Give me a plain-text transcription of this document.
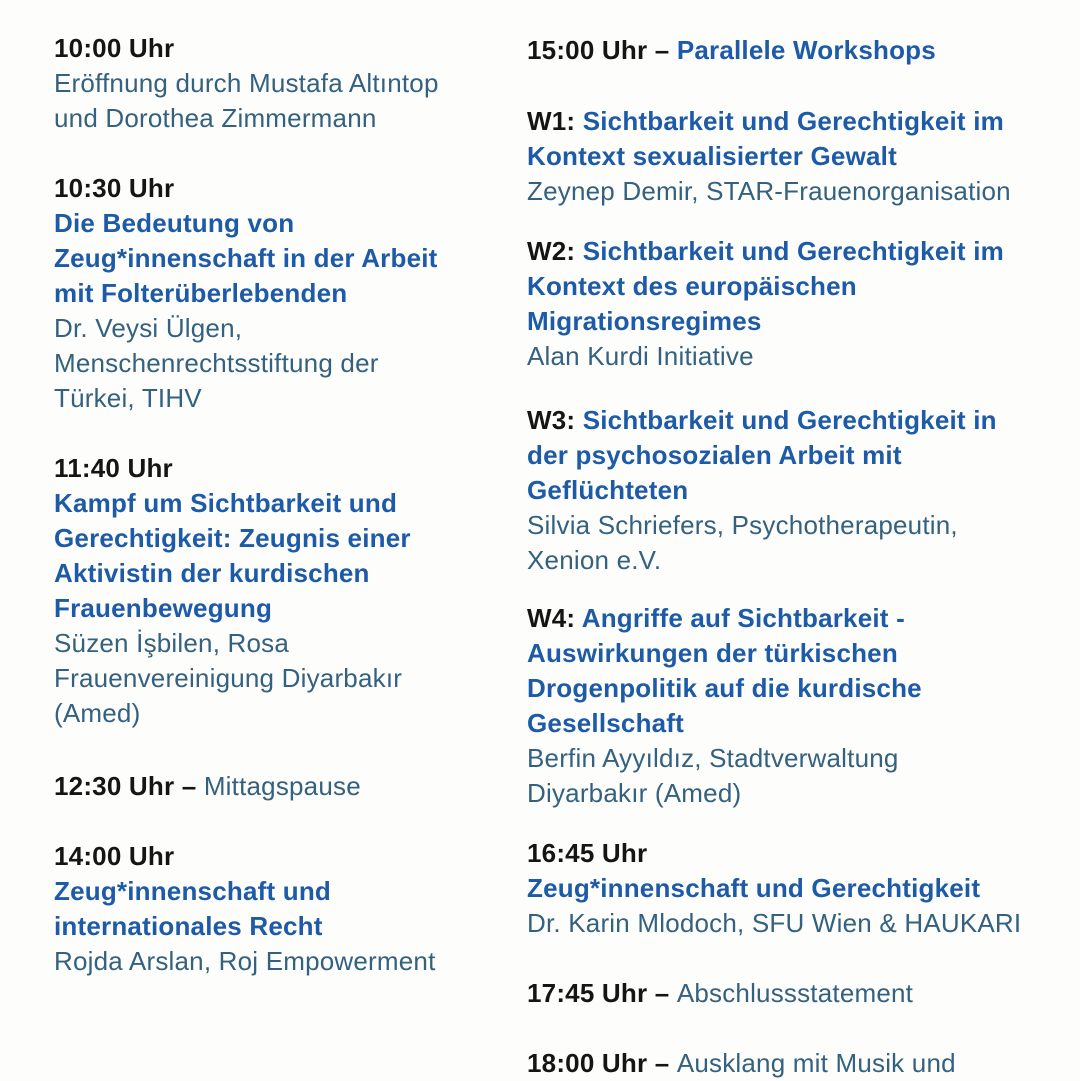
10:00 Uhr
Eröffnung durch Mustafa Altıntop
und Dorothea Zimmermann
10:30 Uhr
Die Bedeutung von
Zeug*innenschaft in der Arbeit
mit Folterüberlebenden
Dr. Veysi Ülgen,
Menschenrechtsstiftung der
Türkei, TIHV
11:40 Uhr
Kampf um Sichtbarkeit und
Gerechtigkeit: Zeugnis einer
Aktivistin der kurdischen
Frauenbewegung
Süzen İşbilen, Rosa
Frauenvereinigung Diyarbakır
(Amed)
12:30 Uhr – Mittagspause
14:00 Uhr
Zeug*innenschaft und
internationales Recht
Rojda Arslan, Roj Empowerment
15:00 Uhr – Parallele Workshops
W1: Sichtbarkeit und Gerechtigkeit im
Kontext sexualisierter Gewalt
Zeynep Demir, STAR-Frauenorganisation
W2: Sichtbarkeit und Gerechtigkeit im
Kontext des europäischen
Migrationsregimes
Alan Kurdi Initiative
W3: Sichtbarkeit und Gerechtigkeit in
der psychosozialen Arbeit mit
Geflüchteten
Silvia Schriefers, Psychotherapeutin,
Xenion e.V.
W4: Angriffe auf Sichtbarkeit -
Auswirkungen der türkischen
Drogenpolitik auf die kurdische
Gesellschaft
Berfin Ayyıldız, Stadtverwaltung
Diyarbakır (Amed)
16:45 Uhr
Zeug*innenschaft und Gerechtigkeit
Dr. Karin Mlodoch, SFU Wien & HAUKARI
17:45 Uhr – Abschlussstatement
18:00 Uhr – Ausklang mit Musik und
